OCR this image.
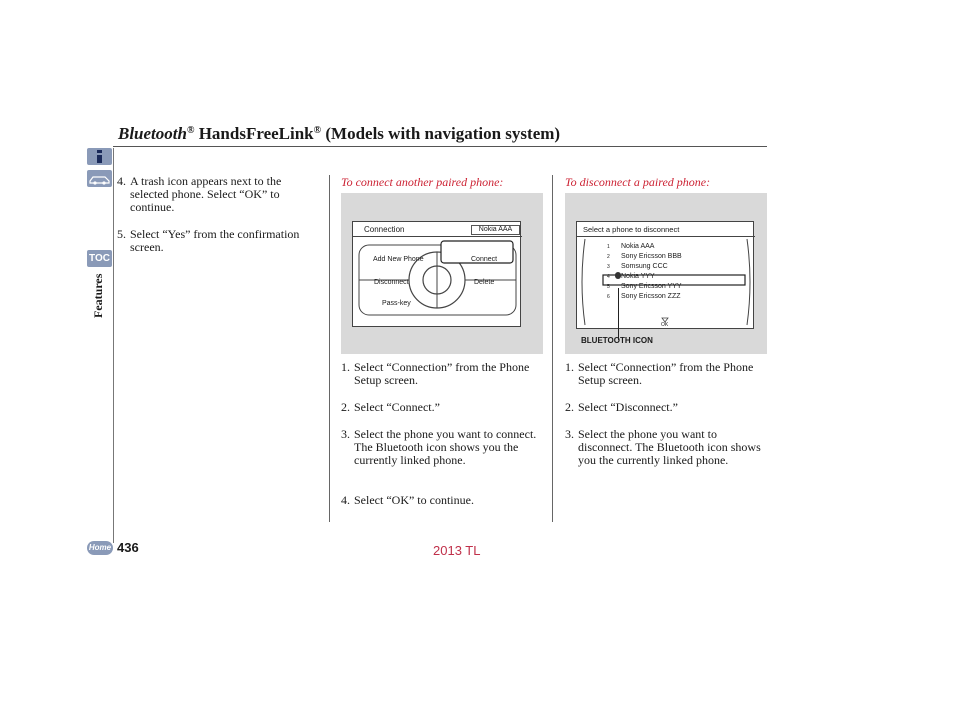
Bluetooth® HandsFreeLink® (Models with navigation system)
TOC
Features
Home 436
4. A trash icon appears next to the selected phone. Select “OK” to continue.
5. Select “Yes” from the confirmation screen.
To connect another paired phone:
Connection	Nokia AAA
Add New Phone	Connect
Disconnect	Delete
Pass-key
1. Select “Connection” from the Phone Setup screen.
2. Select “Connect.”
3. Select the phone you want to connect. The Bluetooth icon shows you the currently linked phone.
4. Select “OK” to continue.
To disconnect a paired phone:
Select a phone to disconnect
1 Nokia AAA
2 Sony Ericsson BBB
3 Somsung CCC
4 Nokia YYY
5 Sony Ericsson YYY
6 Sony Ericsson ZZZ
OK
BLUETOOTH ICON
1. Select “Connection” from the Phone Setup screen.
2. Select “Disconnect.”
3. Select the phone you want to disconnect. The Bluetooth icon shows you the currently linked phone.
2013 TL
